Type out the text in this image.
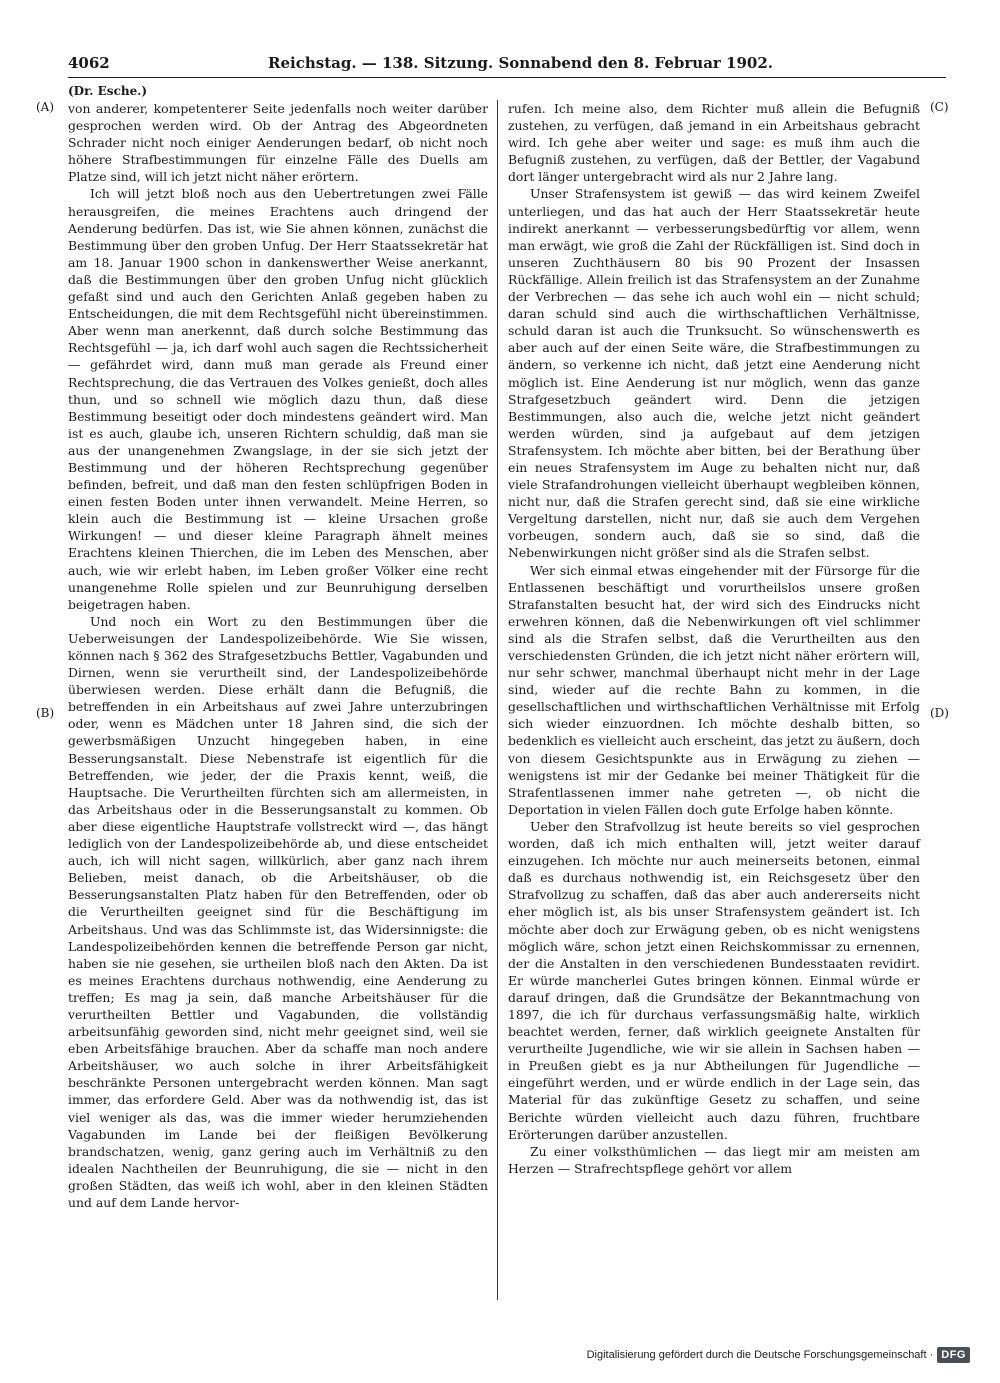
4062	Reichstag. — 138. Sitzung. Sonnabend den 8. Februar 1902.
(Dr. Esche.)
(A)
(B)
(C)
(D)

von anderer, kompetenterer Seite jedenfalls noch weiter darüber gesprochen werden wird. Ob der Antrag des Abgeordneten Schrader nicht noch einiger Aenderungen bedarf, ob nicht noch höhere Strafbestimmungen für einzelne Fälle des Duells am Platze sind, will ich jetzt nicht näher erörtern.

Ich will jetzt bloß noch aus den Uebertretungen zwei Fälle herausgreifen, die meines Erachtens auch dringend der Aenderung bedürfen. Das ist, wie Sie ahnen können, zunächst die Bestimmung über den groben Unfug. Der Herr Staatssekretär hat am 18. Januar 1900 schon in dankenswerther Weise anerkannt, daß die Bestimmungen über den groben Unfug nicht glücklich gefaßt sind und auch den Gerichten Anlaß gegeben haben zu Entscheidungen, die mit dem Rechtsgefühl nicht übereinstimmen. Aber wenn man anerkennt, daß durch solche Bestimmung das Rechtsgefühl — ja, ich darf wohl auch sagen die Rechtssicherheit — gefährdet wird, dann muß man gerade als Freund einer Rechtsprechung, die das Vertrauen des Volkes genießt, doch alles thun, und so schnell wie möglich dazu thun, daß diese Bestimmung beseitigt oder doch mindestens geändert wird. Man ist es auch, glaube ich, unseren Richtern schuldig, daß man sie aus der unangenehmen Zwangslage, in der sie sich jetzt der Bestimmung und der höheren Rechtsprechung gegenüber befinden, befreit, und daß man den festen schlüpfrigen Boden in einen festen Boden unter ihnen verwandelt. Meine Herren, so klein auch die Bestimmung ist — kleine Ursachen große Wirkungen! — und dieser kleine Paragraph ähnelt meines Erachtens kleinen Thierchen, die im Leben des Menschen, aber auch, wie wir erlebt haben, im Leben großer Völker eine recht unangenehme Rolle spielen und zur Beunruhigung derselben beigetragen haben.

Und noch ein Wort zu den Bestimmungen über die Ueberweisungen der Landespolizeibehörde. Wie Sie wissen, können nach § 362 des Strafgesetzbuchs Bettler, Vagabunden und Dirnen, wenn sie verurtheilt sind, der Landespolizeibehörde überwiesen werden. Diese erhält dann die Befugniß, die betreffenden in ein Arbeitshaus auf zwei Jahre unterzubringen oder, wenn es Mädchen unter 18 Jahren sind, die sich der gewerbsmäßigen Unzucht hingegeben haben, in eine Besserungsanstalt. Diese Nebenstrafe ist eigentlich für die Betreffenden, wie jeder, der die Praxis kennt, weiß, die Hauptsache. Die Verurtheilten fürchten sich am allermeisten, in das Arbeitshaus oder in die Besserungsanstalt zu kommen. Ob aber diese eigentliche Hauptstrafe vollstreckt wird —, das hängt lediglich von der Landespolizeibehörde ab, und diese entscheidet auch, ich will nicht sagen, willkürlich, aber ganz nach ihrem Belieben, meist danach, ob die Arbeitshäuser, ob die Besserungsanstalten Platz haben für den Betreffenden, oder ob die Verurtheilten geeignet sind für die Beschäftigung im Arbeitshaus. Und was das Schlimmste ist, das Widersinnigste: die Landespolizeibehörden kennen die betreffende Person gar nicht, haben sie nie gesehen, sie urtheilen bloß nach den Akten. Da ist es meines Erachtens durchaus nothwendig, eine Aenderung zu treffen; Es mag ja sein, daß manche Arbeitshäuser für die verurtheilten Bettler und Vagabunden, die vollständig arbeitsunfähig geworden sind, nicht mehr geeignet sind, weil sie eben Arbeitsfähige brauchen. Aber da schaffe man noch andere Arbeitshäuser, wo auch solche in ihrer Arbeitsfähigkeit beschränkte Personen untergebracht werden können. Man sagt immer, das erfordere Geld. Aber was da nothwendig ist, das ist viel weniger als das, was die immer wieder herumziehenden Vagabunden im Lande bei der fleißigen Bevölkerung brandschatzen, wenig, ganz gering auch im Verhältniß zu den idealen Nachtheilen der Beunruhigung, die sie — nicht in den großen Städten, das weiß ich wohl, aber in den kleinen Städten und auf dem Lande hervor-

rufen. Ich meine also, dem Richter muß allein die Befugniß zustehen, zu verfügen, daß jemand in ein Arbeitshaus gebracht wird. Ich gehe aber weiter und sage: es muß ihm auch die Befugniß zustehen, zu verfügen, daß der Bettler, der Vagabund dort länger untergebracht wird als nur 2 Jahre lang.

Unser Strafensystem ist gewiß — das wird keinem Zweifel unterliegen, und das hat auch der Herr Staatssekretär heute indirekt anerkannt — verbesserungsbedürftig vor allem, wenn man erwägt, wie groß die Zahl der Rückfälligen ist. Sind doch in unseren Zuchthäusern 80 bis 90 Prozent der Insassen Rückfällige. Allein freilich ist das Strafensystem an der Zunahme der Verbrechen — das sehe ich auch wohl ein — nicht schuld; daran schuld sind auch die wirthschaftlichen Verhältnisse, schuld daran ist auch die Trunksucht. So wünschenswerth es aber auch auf der einen Seite wäre, die Strafbestimmungen zu ändern, so verkenne ich nicht, daß jetzt eine Aenderung nicht möglich ist. Eine Aenderung ist nur möglich, wenn das ganze Strafgesetzbuch geändert wird. Denn die jetzigen Bestimmungen, also auch die, welche jetzt nicht geändert werden würden, sind ja aufgebaut auf dem jetzigen Strafensystem. Ich möchte aber bitten, bei der Berathung über ein neues Strafensystem im Auge zu behalten nicht nur, daß viele Strafandrohungen vielleicht überhaupt wegbleiben können, nicht nur, daß die Strafen gerecht sind, daß sie eine wirkliche Vergeltung darstellen, nicht nur, daß sie auch dem Vergehen vorbeugen, sondern auch, daß sie so sind, daß die Nebenwirkungen nicht größer sind als die Strafen selbst.

Wer sich einmal etwas eingehender mit der Fürsorge für die Entlassenen beschäftigt und vorurtheilslos unsere großen Strafanstalten besucht hat, der wird sich des Eindrucks nicht erwehren können, daß die Nebenwirkungen oft viel schlimmer sind als die Strafen selbst, daß die Verurtheilten aus den verschiedensten Gründen, die ich jetzt nicht näher erörtern will, nur sehr schwer, manchmal überhaupt nicht mehr in der Lage sind, wieder auf die rechte Bahn zu kommen, in die gesellschaftlichen und wirthschaftlichen Verhältnisse mit Erfolg sich wieder einzuordnen. Ich möchte deshalb bitten, so bedenklich es vielleicht auch erscheint, das jetzt zu äußern, doch von diesem Gesichtspunkte aus in Erwägung zu ziehen — wenigstens ist mir der Gedanke bei meiner Thätigkeit für die Strafentlassenen immer nahe getreten —, ob nicht die Deportation in vielen Fällen doch gute Erfolge haben könnte.

Ueber den Strafvollzug ist heute bereits so viel gesprochen worden, daß ich mich enthalten will, jetzt weiter darauf einzugehen. Ich möchte nur auch meinerseits betonen, einmal daß es durchaus nothwendig ist, ein Reichsgesetz über den Strafvollzug zu schaffen, daß das aber auch andererseits nicht eher möglich ist, als bis unser Strafensystem geändert ist. Ich möchte aber doch zur Erwägung geben, ob es nicht wenigstens möglich wäre, schon jetzt einen Reichskommissar zu ernennen, der die Anstalten in den verschiedenen Bundesstaaten revidirt. Er würde mancherlei Gutes bringen können. Einmal würde er darauf dringen, daß die Grundsätze der Bekanntmachung von 1897, die ich für durchaus verfassungsmäßig halte, wirklich beachtet werden, ferner, daß wirklich geeignete Anstalten für verurtheilte Jugendliche, wie wir sie allein in Sachsen haben — in Preußen giebt es ja nur Abtheilungen für Jugendliche — eingeführt werden, und er würde endlich in der Lage sein, das Material für das zukünftige Gesetz zu schaffen, und seine Berichte würden vielleicht auch dazu führen, fruchtbare Erörterungen darüber anzustellen.

Zu einer volksthümlichen — das liegt mir am meisten am Herzen — Strafrechtspflege gehört vor allem

Digitalisierung gefördert durch die Deutsche Forschungsgemeinschaft · DFG
